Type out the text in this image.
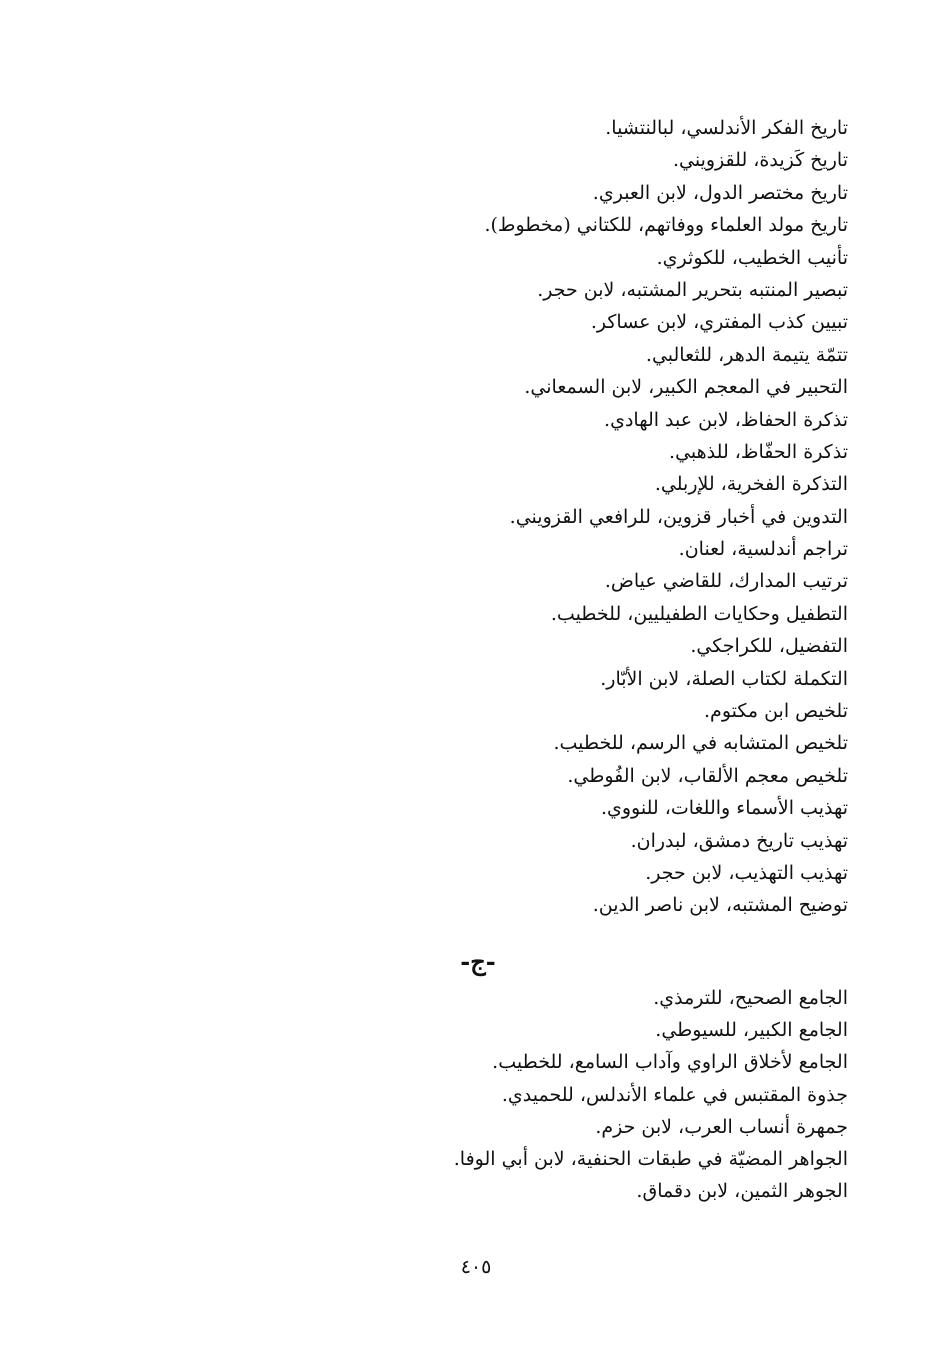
تاريخ الفكر الأندلسي، لبالنتشيا.

تاريخ كَزيدة، للقزويني.

تاريخ مختصر الدول، لابن العبري.

تاريخ مولد العلماء ووفاتهم، للكتاني (مخطوط).

تأنيب الخطيب، للكوثري.

تبصير المنتبه بتحرير المشتبه، لابن حجر.

تبيين كذب المفتري، لابن عساكر.

تتمّة يتيمة الدهر، للثعالبي.

التحبير في المعجم الكبير، لابن السمعاني.

تذكرة الحفاظ، لابن عبد الهادي.

تذكرة الحفّاظ، للذهبي.

التذكرة الفخرية، للإربلي.

التدوين في أخبار قزوين، للرافعي القزويني.

تراجم أندلسية، لعنان.

ترتيب المدارك، للقاضي عياض.

التطفيل وحكايات الطفيليين، للخطيب.

التفضيل، للكراجكي.

التكملة لكتاب الصلة، لابن الأبّار.

تلخيص ابن مكتوم.

تلخيص المتشابه في الرسم، للخطيب.

تلخيص معجم الألقاب، لابن الفُوطي.

تهذيب الأسماء واللغات، للنووي.

تهذيب تاريخ دمشق، لبدران.

تهذيب التهذيب، لابن حجر.

توضيح المشتبه، لابن ناصر الدين.

-ج-

الجامع الصحيح، للترمذي.

الجامع الكبير، للسيوطي.

الجامع لأخلاق الراوي وآداب السامع، للخطيب.

جذوة المقتبس في علماء الأندلس، للحميدي.

جمهرة أنساب العرب، لابن حزم.

الجواهر المضيّة في طبقات الحنفية، لابن أبي الوفا.

الجوهر الثمين، لابن دقماق.

٤٠٥
